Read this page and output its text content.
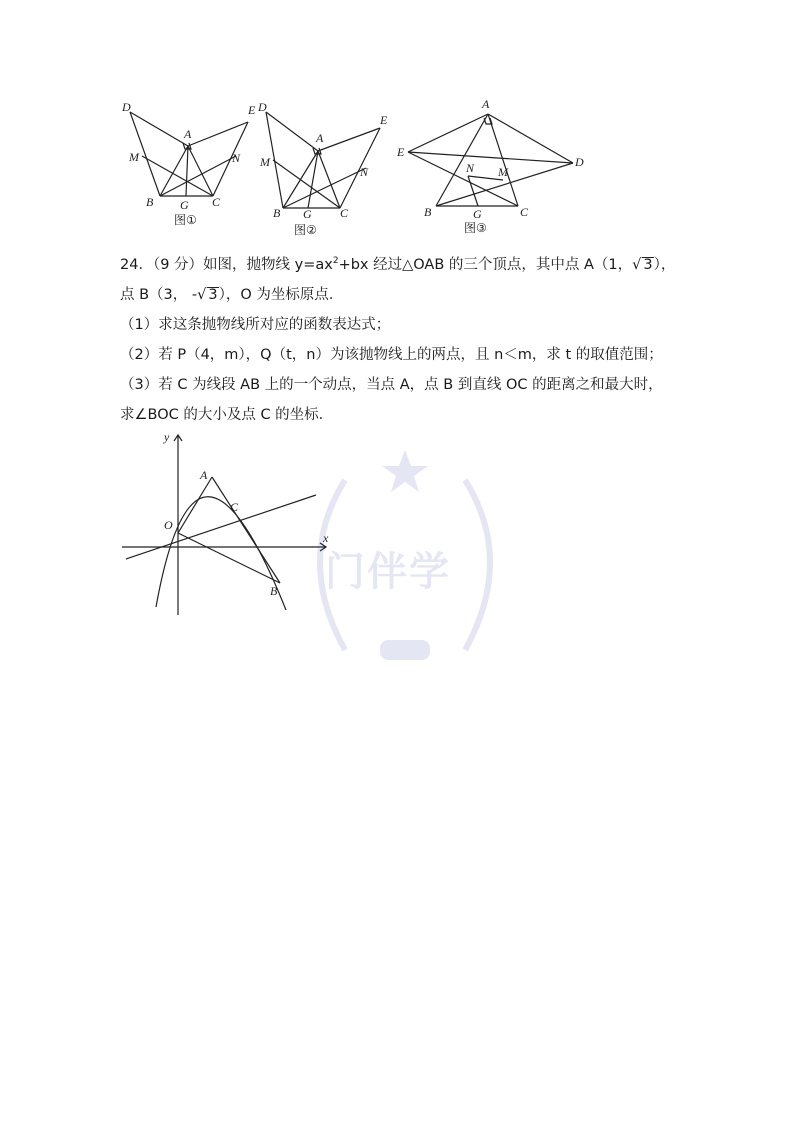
D	E
A
M	N
B G C
图①
D
E
A
M
N
B G C
图②
A
E
D
N M
B	G	C
图③
24．（9 分）如图，抛物线 $y=ax^2+bx$ 经过△OAB 的三个顶点，其中点 A（1，√ 3），
点 B（3， -√ 3），O 为坐标原点．
（1）求这条抛物线所对应的函数表达式；
（2）若 P（4，m），Q（t，n）为该抛物线上的两点，且 n＜m，求 t 的取值范围；
（3）若 C 为线段 AB 上的一个动点，当点 A，点 B 到直线 OC 的距离之和最大时，
求∠BOC 的大小及点 C 的坐标．
y
x
O
A
C
B 门伴学
